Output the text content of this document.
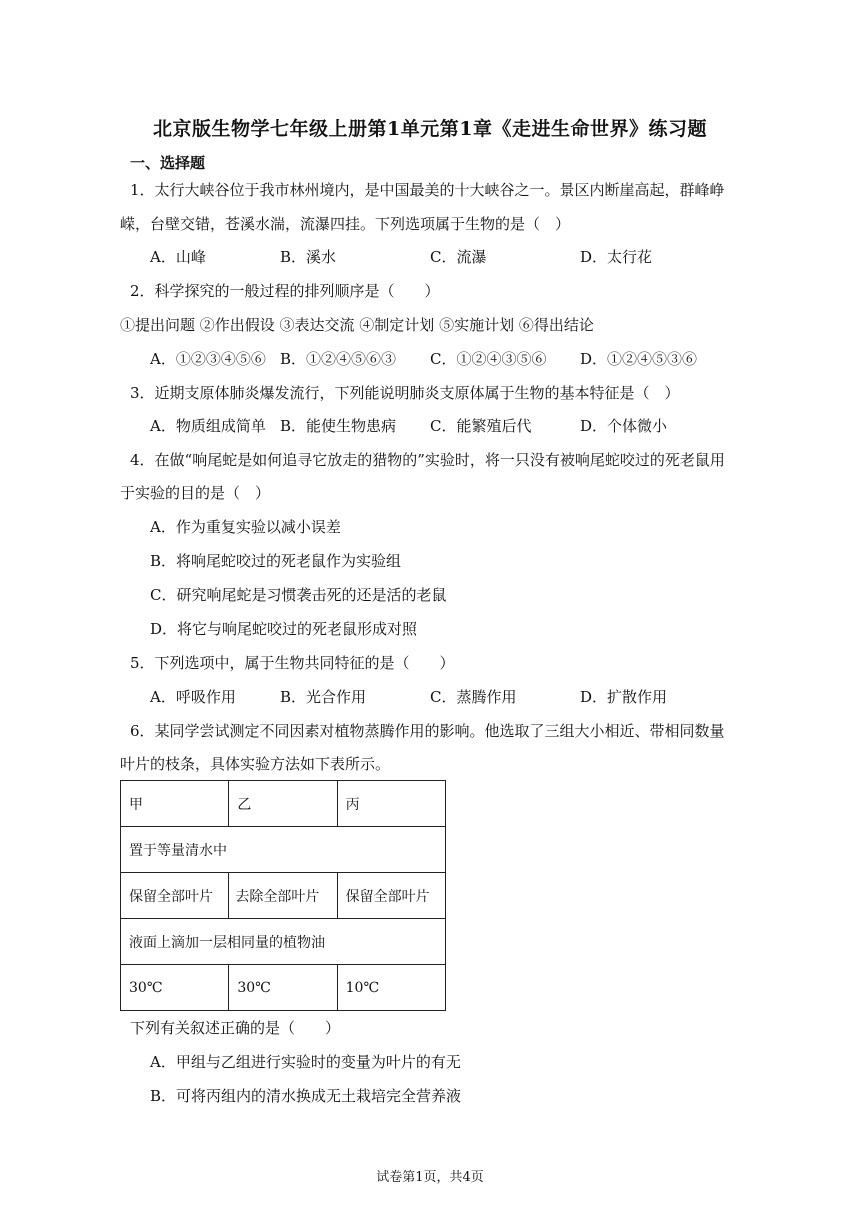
北京版生物学七年级上册第1单元第1章《走进生命世界》练习题
一、选择题
1．太行大峡谷位于我市林州境内，是中国最美的十大峡谷之一。景区内断崖高起，群峰峥
嵘，台壁交错，苍溪水湍，流瀑四挂。下列选项属于生物的是（　）
A．山峰	B．溪水	C．流瀑	D．太行花
2．科学探究的一般过程的排列顺序是（　　）
①提出问题 ②作出假设 ③表达交流 ④制定计划 ⑤实施计划 ⑥得出结论
A．①②③④⑤⑥ B．①②④⑤⑥③ C．①②④③⑤⑥ D．①②④⑤③⑥
3．近期支原体肺炎爆发流行，下列能说明肺炎支原体属于生物的基本特征是（　）
A．物质组成简单 B．能使生物患病 C．能繁殖后代	D．个体微小
4．在做“响尾蛇是如何追寻它放走的猎物的”实验时，将一只没有被响尾蛇咬过的死老鼠用
于实验的目的是（　）
A．作为重复实验以减小误差
B．将响尾蛇咬过的死老鼠作为实验组
C．研究响尾蛇是习惯袭击死的还是活的老鼠
D．将它与响尾蛇咬过的死老鼠形成对照
5．下列选项中，属于生物共同特征的是（　　）
A．呼吸作用	B．光合作用	C．蒸腾作用	D．扩散作用
6．某同学尝试测定不同因素对植物蒸腾作用的影响。他选取了三组大小相近、带相同数量
叶片的枝条，具体实验方法如下表所示。
甲	乙	丙
置于等量清水中		
保留全部叶片	去除全部叶片	保留全部叶片
液面上滴加一层相同量的植物油		
30℃	30℃	10℃
下列有关叙述正确的是（　　）
A．甲组与乙组进行实验时的变量为叶片的有无
B．可将丙组内的清水换成无土栽培完全营养液
试卷第1页，共4页
